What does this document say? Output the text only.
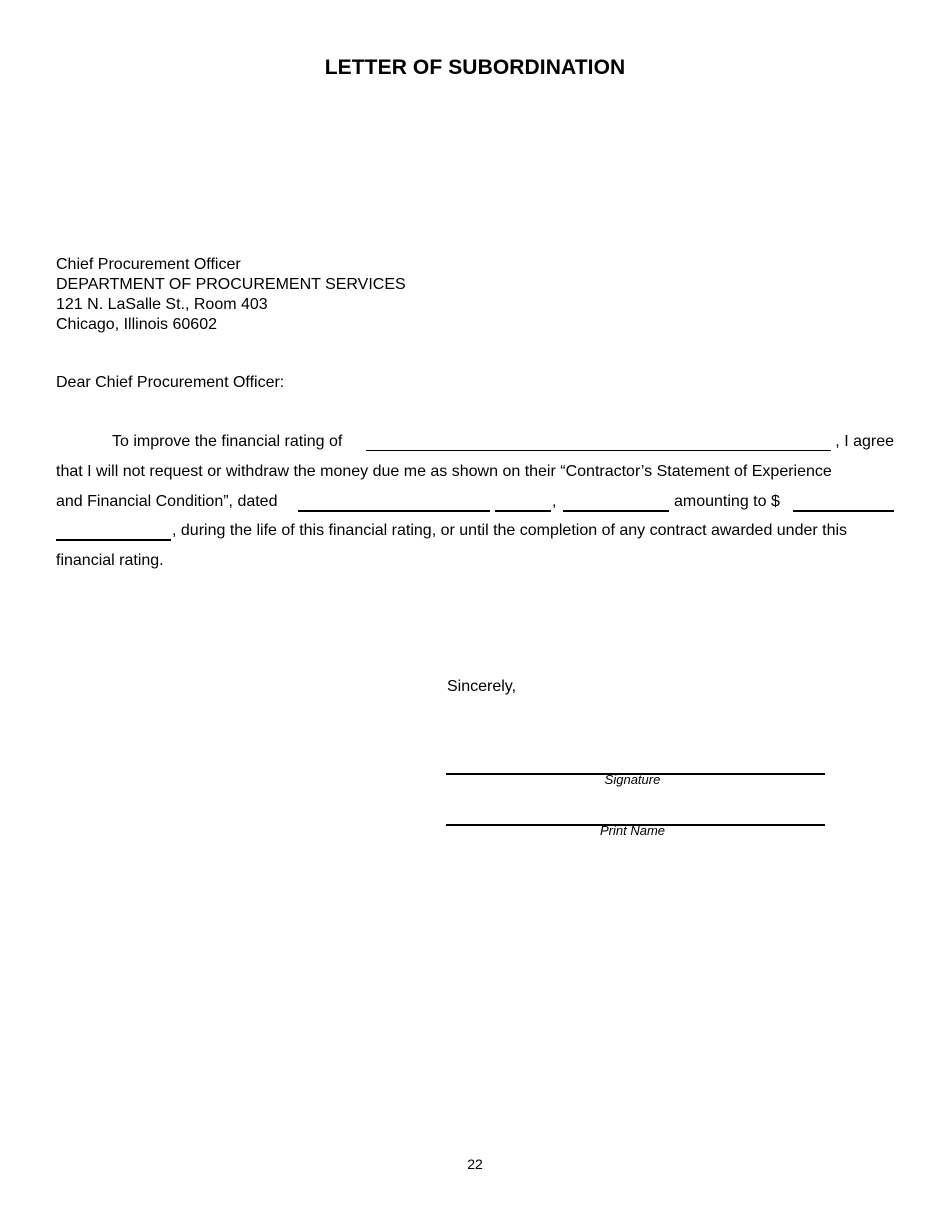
LETTER OF SUBORDINATION
Chief Procurement Officer
DEPARTMENT OF PROCUREMENT SERVICES
121 N. LaSalle St., Room 403
Chicago, Illinois 60602
Dear Chief Procurement Officer:
To improve the financial rating of	, I agree
that I will not request or withdraw the money due me as shown on their “Contractor’s Statement of Experience
and Financial Condition”, dated	,	amounting to $
, during the life of this financial rating, or until the completion of any contract awarded under this
financial rating.
Sincerely,
Signature
Print Name
22
